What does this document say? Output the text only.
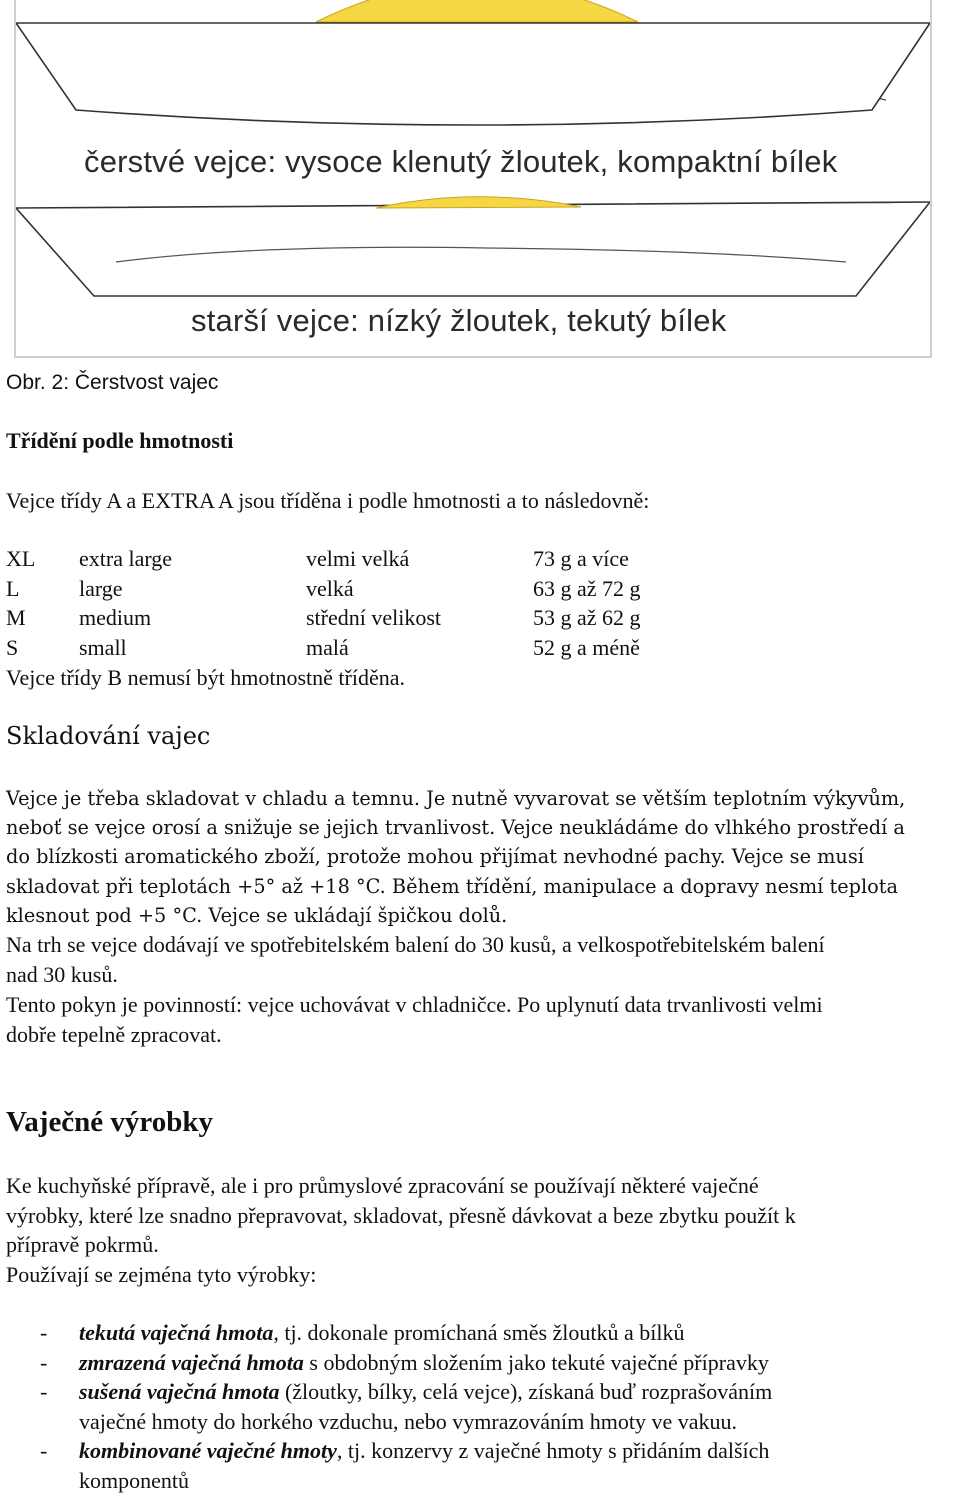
čerstvé vejce: vysoce klenutý žloutek, kompaktní bílek
starší vejce: nízký žloutek, tekutý bílek
Obr. 2: Čerstvost vajec
Třídění podle hmotnosti
Vejce třídy A a EXTRA A jsou tříděna i podle hmotnosti a to následovně:
XL extra large	velmi velká	73 g a více
L	large	velká	63 g až 72 g
M medium	střední velikost	53 g až 62 g
S	small	malá	52 g a méně
Vejce třídy B nemusí být hmotnostně tříděna.
Skladování vajec
Vejce je třeba skladovat v chladu a temnu. Je nutně vyvarovat se větším teplotním výkyvům,
neboť se vejce orosí a snižuje se jejich trvanlivost. Vejce neukládáme do vlhkého prostředí a
do blízkosti aromatického zboží, protože mohou přijímat nevhodné pachy. Vejce se musí
skladovat při teplotách +5° až +18 °C. Během třídění, manipulace a dopravy nesmí teplota
klesnout pod +5 °C. Vejce se ukládají špičkou dolů.
Na trh se vejce dodávají ve spotřebitelském balení do 30 kusů, a velkospotřebitelském balení
nad 30 kusů.
Tento pokyn je povinností: vejce uchovávat v chladničce. Po uplynutí data trvanlivosti velmi
dobře tepelně zpracovat.
Vaječné výrobky
Ke kuchyňské přípravě, ale i pro průmyslové zpracování se používají některé vaječné
výrobky, které lze snadno přepravovat, skladovat, přesně dávkovat a beze zbytku použít k
přípravě pokrmů.
Používají se zejména tyto výrobky:
- tekutá vaječná hmota, tj. dokonale promíchaná směs žloutků a bílků
- zmrazená vaječná hmota s obdobným složením jako tekuté vaječné přípravky
- sušená vaječná hmota (žloutky, bílky, celá vejce), získaná buď rozprašováním
vaječné hmoty do horkého vzduchu, nebo vymrazováním hmoty ve vakuu.
- kombinované vaječné hmoty, tj. konzervy z vaječné hmoty s přidáním dalších
komponentů
